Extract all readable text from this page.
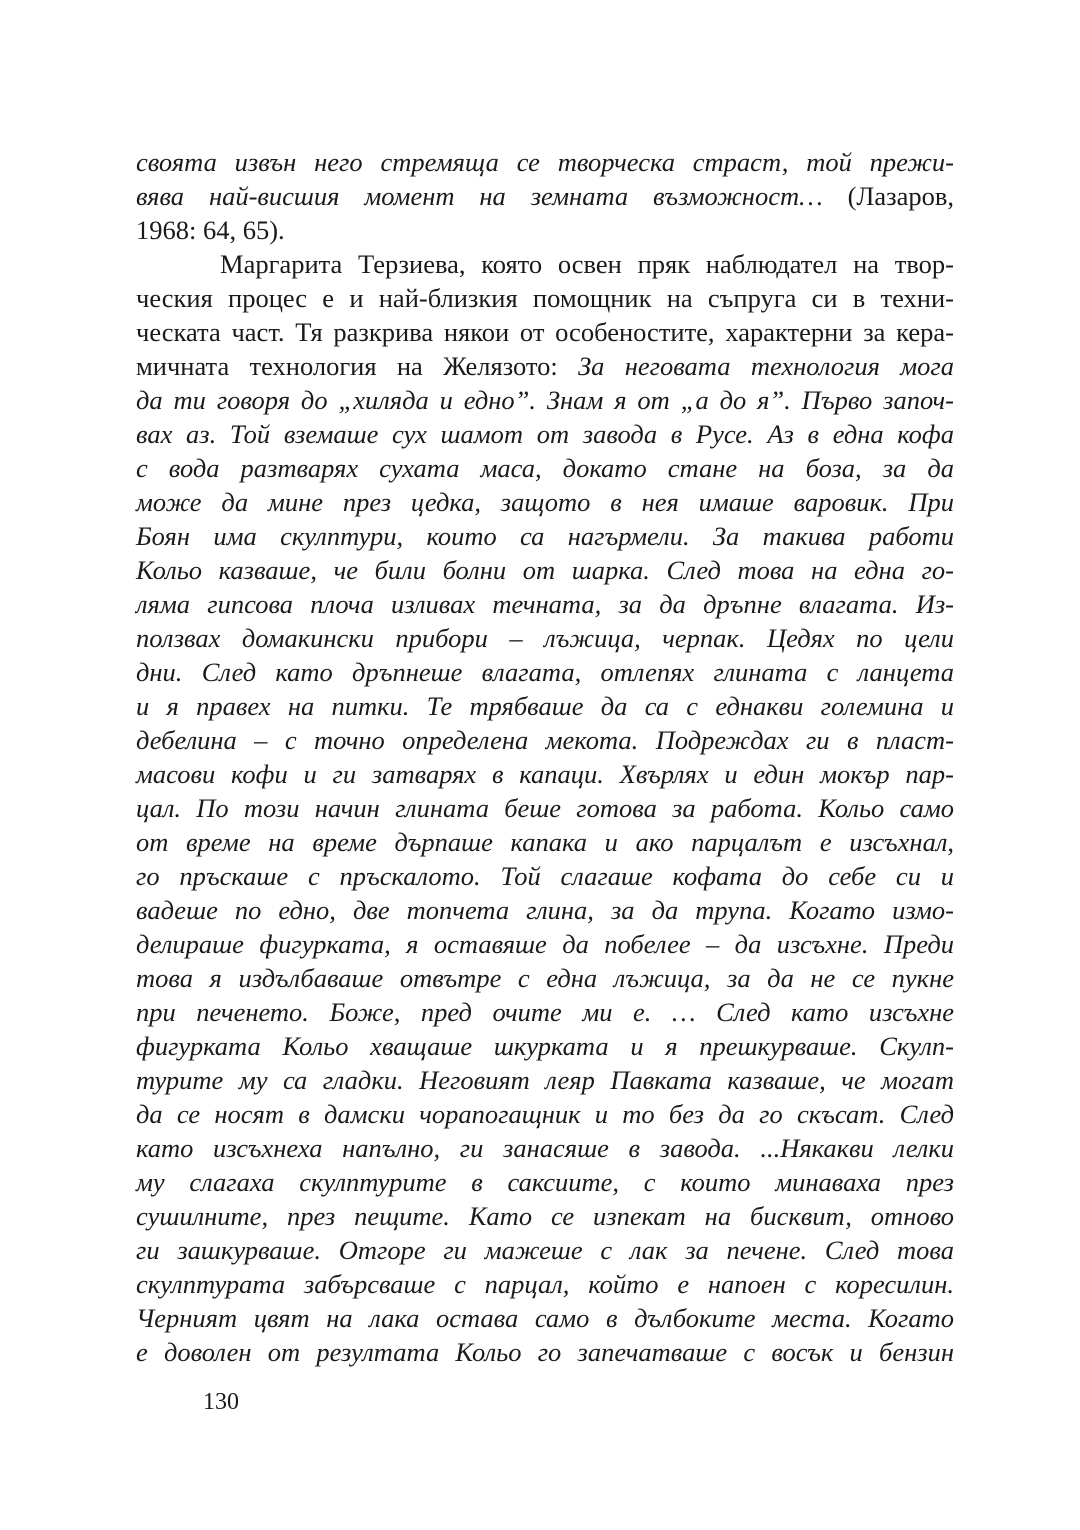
своята извън него стремяща се творческа страст, той прежи-
вява най-висшия момент на земната възможност… (Лазаров,
1968: 64, 65).
Маргарита Терзиева, която освен пряк наблюдател на твор-
ческия процес е и най-близкия помощник на съпруга си в техни-
ческата част. Тя разкрива някои от особеностите, характерни за кера-
мичната технология на Желязото: За неговата технология мога
да ти говоря до „хиляда и едно”. Знам я от „а до я”. Първо започ-
вах аз. Той вземаше сух шамот от завода в Русе. Аз в една кофа
с вода разтварях сухата маса, докато стане на боза, за да
може да мине през цедка, защото в нея имаше варовик. При
Боян има скулптури, които са нагърмели. За такива работи
Кольо казваше, че били болни от шарка. След това на една го-
ляма гипсова плоча изливах течната, за да дръпне влагата. Из-
ползвах домакински прибори – лъжица, черпак. Цедях по цели
дни. След като дръпнеше влагата, отлепях глината с ланцета
и я правех на питки. Те трябваше да са с еднакви големина и
дебелина – с точно определена мекота. Подреждах ги в пласт-
масови кофи и ги затварях в капаци. Хвърлях и един мокър пар-
цал. По този начин глината беше готова за работа. Кольо само
от време на време дърпаше капака и ако парцалът е изсъхнал,
го пръскаше с пръскалото. Той слагаше кофата до себе си и
вадеше по едно, две топчета глина, за да трупа. Когато измо-
делираше фигурката, я оставяше да побелее – да изсъхне. Преди
това я издълбаваше отвътре с една лъжица, за да не се пукне
при печенето. Боже, пред очите ми е. … След като изсъхне
фигурката Кольо хващаше шкурката и я прешкурваше. Скулп-
турите му са гладки. Неговият леяр Павката казваше, че могат
да се носят в дамски чорапогащник и то без да го скъсат. След
като изсъхнеха напълно, ги занасяше в завода. ...Някакви лелки
му слагаха скулптурите в саксиите, с които минаваха през
сушилните, през пещите. Като се изпекат на бисквит, отново
ги зашкурваше. Отгоре ги мажеше с лак за печене. След това
скулптурата забърсваше с парцал, който е напоен с коресилин.
Черният цвят на лака остава само в дълбоките места. Когато
е доволен от резултата Кольо го запечатваше с восък и бензин
130
